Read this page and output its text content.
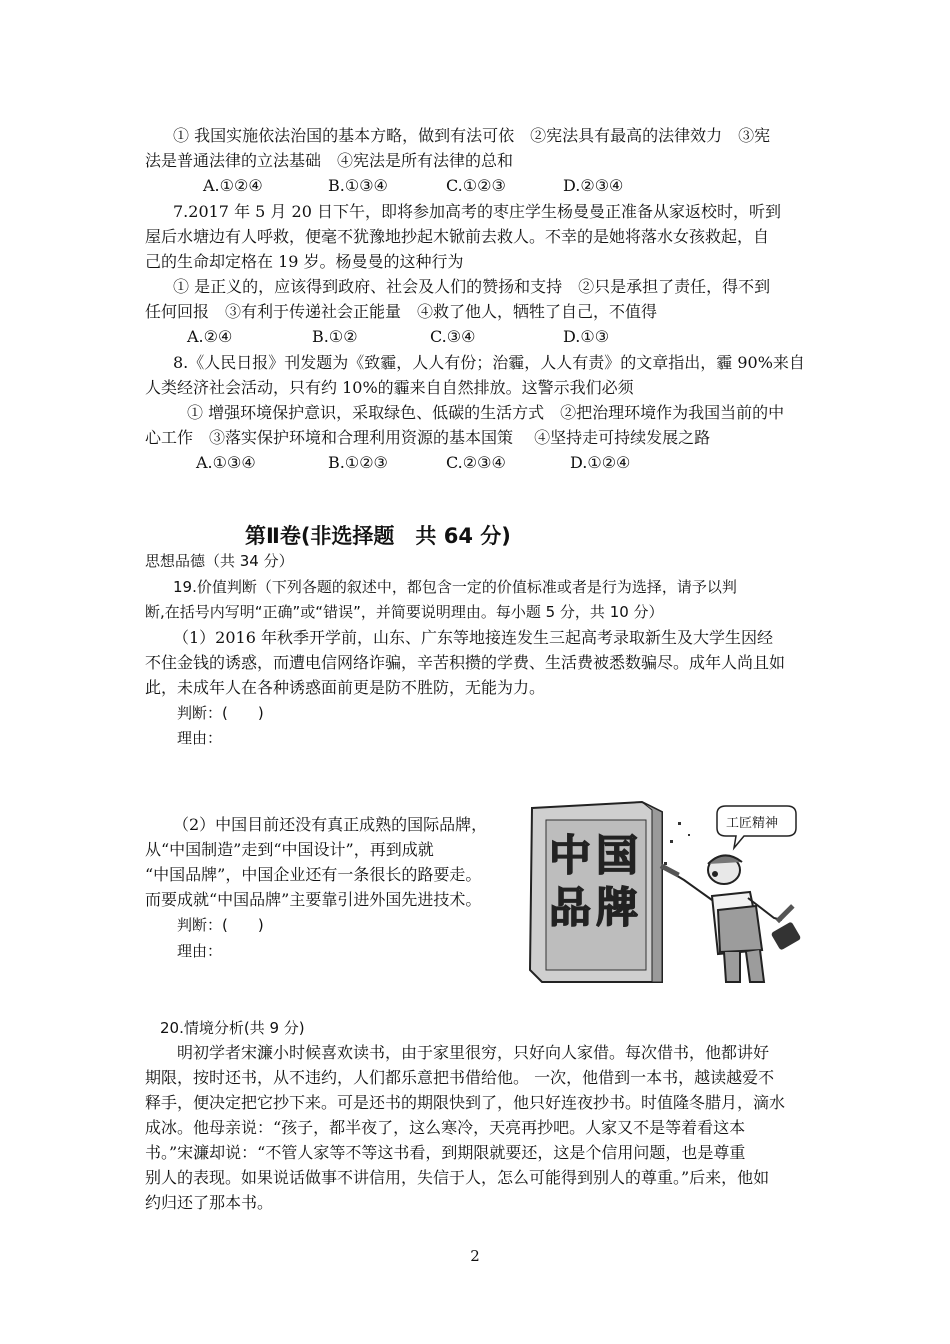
① 我国实施依法治国的基本方略，做到有法可依　②宪法具有最高的法律效力　③宪
法是普通法律的立法基础　④宪法是所有法律的总和
A.①②④	B.①③④	C.①②③	D.②③④
7.2017 年 5 月 20 日下午，即将参加高考的枣庄学生杨曼曼正准备从家返校时，听到
屋后水塘边有人呼救，便毫不犹豫地抄起木锨前去救人。不幸的是她将落水女孩救起，自
己的生命却定格在 19 岁。杨曼曼的这种行为
① 是正义的，应该得到政府、社会及人们的赞扬和支持　②只是承担了责任，得不到
任何回报　③有利于传递社会正能量　④救了他人，牺牲了自己，不值得
A.②④	B.①②	C.③④	D.①③
8.《人民日报》刊发题为《致霾，人人有份；治霾，人人有责》的文章指出，霾 90%来自
人类经济社会活动，只有约 10%的霾来自自然排放。这警示我们必须
① 增强环境保护意识，采取绿色、低碳的生活方式　②把治理环境作为我国当前的中
心工作　③落实保护环境和合理利用资源的基本国策　 ④坚持走可持续发展之路
A.①③④	B.①②③	C.②③④	D.①②④
第Ⅱ卷(非选择题　共 64 分)
思想品德（共 34 分）
19.价值判断（下列各题的叙述中，都包含一定的价值标准或者是行为选择，请予以判
断,在括号内写明“正确”或“错误”，并简要说明理由。每小题 5 分，共 10 分）
（1）2016 年秋季开学前，山东、广东等地接连发生三起高考录取新生及大学生因经
不住金钱的诱惑，而遭电信网络诈骗，辛苦积攒的学费、生活费被悉数骗尽。成年人尚且如
此，未成年人在各种诱惑面前更是防不胜防，无能为力。
判断：(　　)
理由：
（2）中国目前还没有真正成熟的国际品牌，
从“中国制造”走到“中国设计”，再到成就
“中国品牌”，中国企业还有一条很长的路要走。
而要成就“中国品牌”主要靠引进外国先进技术。
判断：(　　)
理由：
中 国
品 牌
工匠精神
20.情境分析(共 9 分)
明初学者宋濂小时候喜欢读书，由于家里很穷，只好向人家借。每次借书，他都讲好
期限，按时还书，从不违约，人们都乐意把书借给他。 一次，他借到一本书，越读越爱不
释手，便决定把它抄下来。可是还书的期限快到了，他只好连夜抄书。时值隆冬腊月，滴水
成冰。他母亲说：“孩子，都半夜了，这么寒冷，天亮再抄吧。人家又不是等着看这本
书。”宋濂却说：“不管人家等不等这书看，到期限就要还，这是个信用问题，也是尊重
别人的表现。如果说话做事不讲信用，失信于人，怎么可能得到别人的尊重。”后来，他如
约归还了那本书。
2
